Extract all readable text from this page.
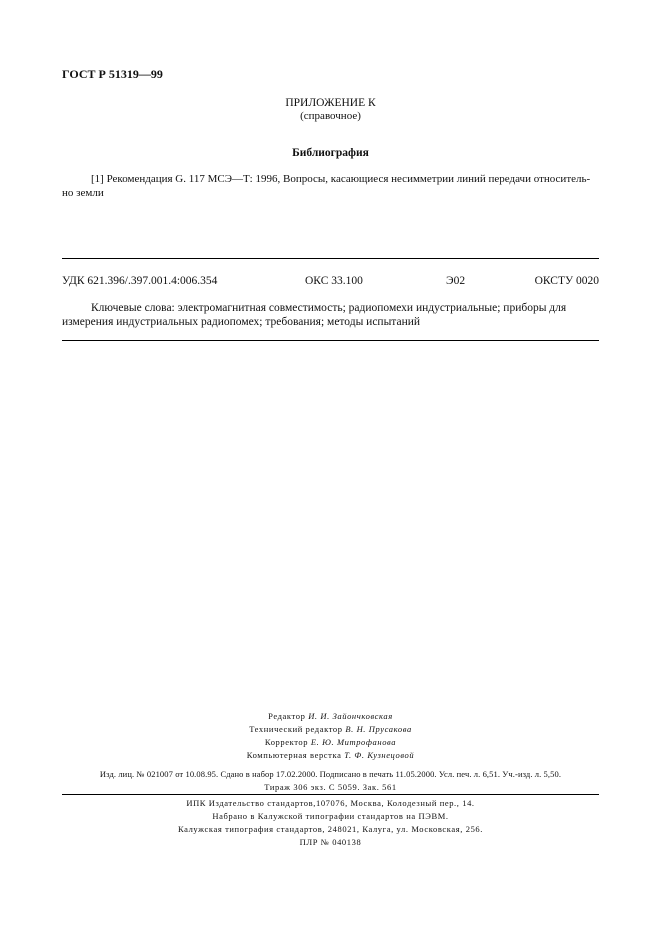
ГОСТ Р 51319—99
ПРИЛОЖЕНИЕ К
(справочное)
Библиография
[1] Рекомендация G. 117 МСЭ—Т: 1996, Вопросы, касающиеся несимметрии линий передачи относитель-
но земли
УДК 621.396/.397.001.4:006.354	ОКС 33.100	Э02	ОКСТУ 0020
Ключевые слова: электромагнитная совместимость; радиопомехи индустриальные; приборы для
измерения индустриальных радиопомех; требования; методы испытаний
Редактор И. И. Зайончковская
Технический редактор В. Н. Прусакова
Корректор Е. Ю. Митрофанова
Компьютерная верстка Т. Ф. Кузнецовой
Изд. лиц. № 021007 от 10.08.95. Сдано в набор 17.02.2000. Подписано в печать 11.05.2000. Усл. печ. л. 6,51. Уч.-изд. л. 5,50.
Тираж 306 экз. С 5059. Зак. 561
ИПК Издательство стандартов,107076, Москва, Колодезный пер., 14.
Набрано в Калужской типографии стандартов на ПЭВМ.
Калужская типография стандартов, 248021, Калуга, ул. Московская, 256.
ПЛР № 040138
